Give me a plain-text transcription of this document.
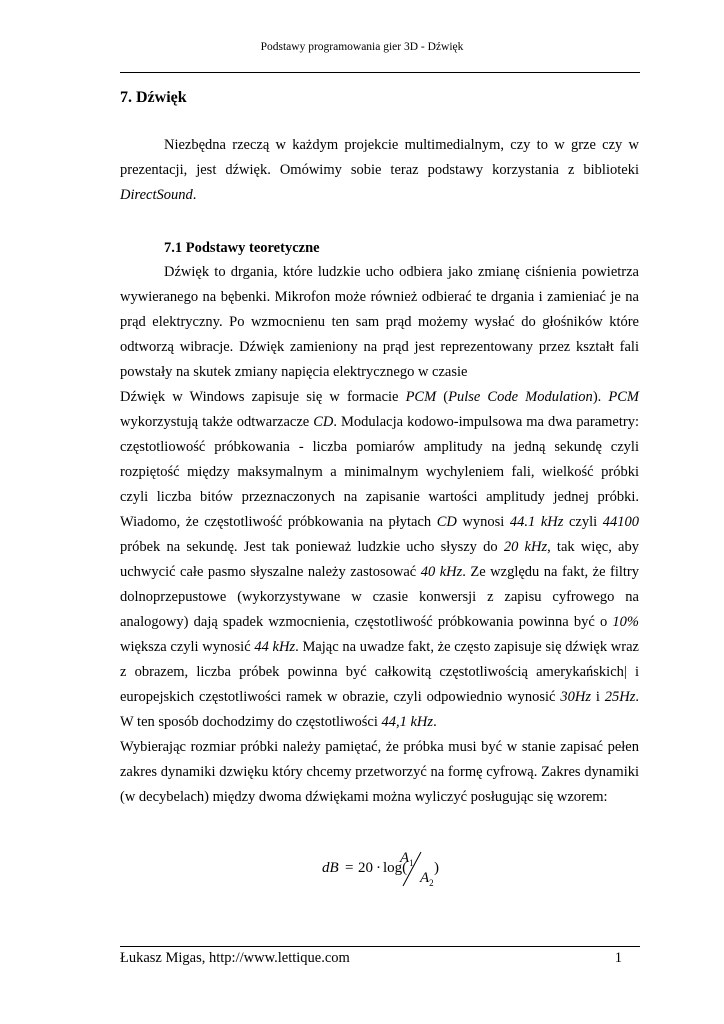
Podstawy programowania gier 3D - Dźwięk
7. Dźwięk

Niezbędna rzeczą w każdym projekcie multimedialnym, czy to w grze czy w prezentacji, jest dźwięk. Omówimy sobie teraz podstawy korzystania z biblioteki DirectSound.

7.1 Podstawy teoretyczne

Dźwięk to drgania, które ludzkie ucho odbiera jako zmianę ciśnienia powietrza wywieranego na bębenki. Mikrofon może również odbierać te drgania i zamieniać je na prąd elektryczny. Po wzmocnienu ten sam prąd możemy wysłać do głośników które odtworzą wibracje. Dźwięk zamieniony na prąd jest reprezentowany przez kształt fali powstały na skutek zmiany napięcia elektrycznego w czasie

Dźwięk w Windows zapisuje się w formacie PCM (Pulse Code Modulation). PCM wykorzystują także odtwarzacze CD. Modulacja kodowo-impulsowa ma dwa parametry: częstotliowość próbkowania - liczba pomiarów amplitudy na jedną sekundę czyli rozpiętość między maksymalnym a minimalnym wychyleniem fali, wielkość próbki czyli liczba bitów przeznaczonych na zapisanie wartości amplitudy jednej próbki. Wiadomo, że częstotliwość próbkowania na płytach CD wynosi 44.1 kHz czyli 44100 próbek na sekundę. Jest tak ponieważ ludzkie ucho słyszy do 20 kHz, tak więc, aby uchwycić całe pasmo słyszalne należy zastosować 40 kHz. Ze względu na fakt, że filtry dolnoprzepustowe (wykorzystywane w czasie konwersji z zapisu cyfrowego na analogowy) dają spadek wzmocnienia, częstotliwość próbkowania powinna być o 10% większa czyli wynosić 44 kHz. Mając na uwadze fakt, że często zapisuje się dźwięk wraz z obrazem, liczba próbek powinna być całkowitą częstotliwością amerykańskich| i europejskich częstotliwości ramek w obrazie, czyli odpowiednio wynosić 30Hz i 25Hz. W ten sposób dochodzimy do częstotliwości 44,1 kHz.

Wybierając rozmiar próbki należy pamiętać, że próbka musi być w stanie zapisać pełen zakres dynamiki dzwięku który chcemy przetworzyć na formę cyfrową. Zakres dynamiki (w decybelach) między dwoma dźwiękami można wyliczyć posługując się wzorem:

dB = 20 · log(
$A_1$
$A_2$
)
Łukasz Migas, http://www.lettique.com	1
